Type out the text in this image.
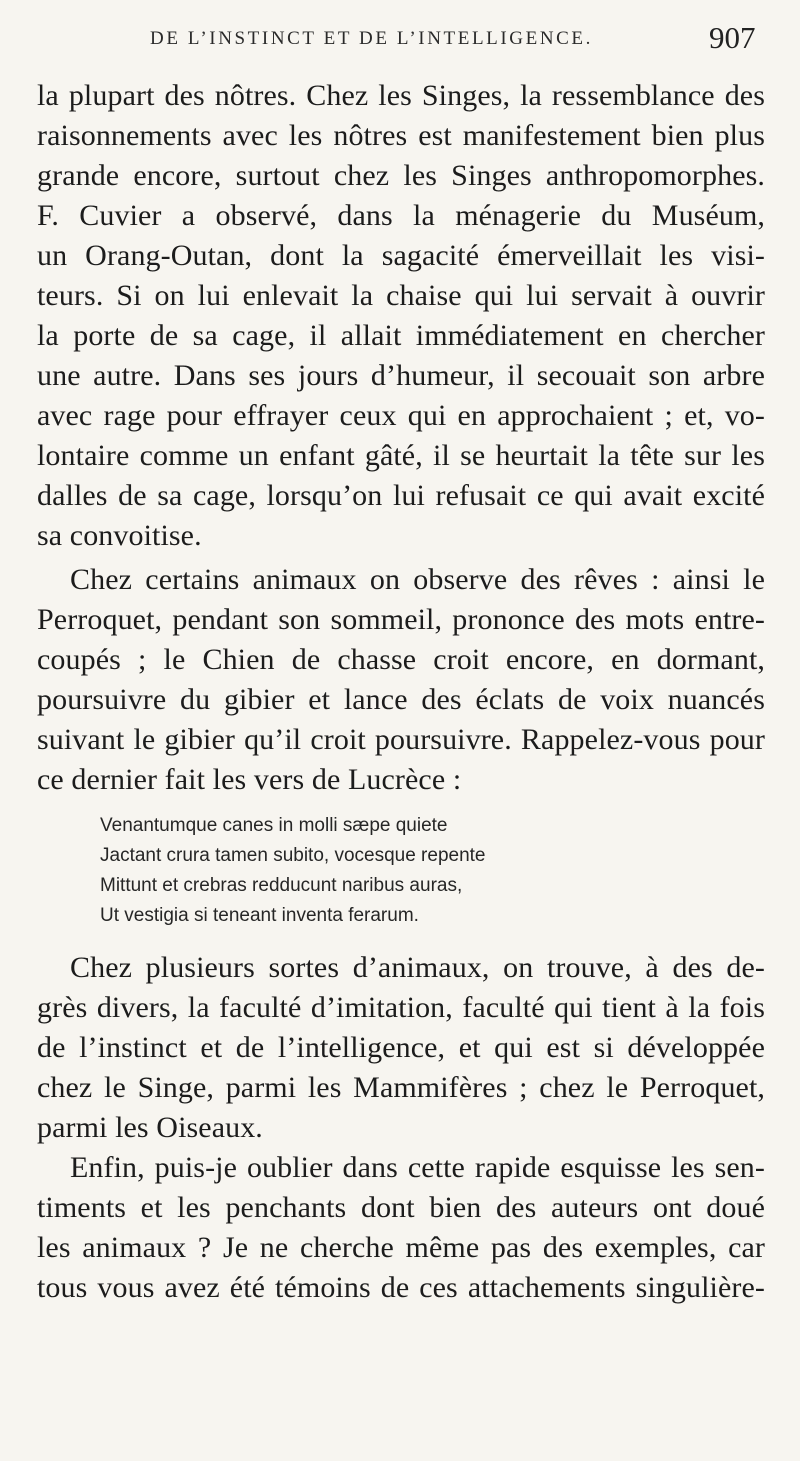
DE L’INSTINCT ET DE L’INTELLIGENCE.	907
la plupart des nôtres. Chez les Singes, la ressemblance des
raisonnements avec les nôtres est manifestement bien plus
grande encore, surtout chez les Singes anthropomorphes.
F. Cuvier a observé, dans la ménagerie du Muséum,
un Orang-Outan, dont la sagacité émerveillait les visi-
teurs. Si on lui enlevait la chaise qui lui servait à ouvrir
la porte de sa cage, il allait immédiatement en chercher
une autre. Dans ses jours d’humeur, il secouait son arbre
avec rage pour effrayer ceux qui en approchaient ; et, vo-
lontaire comme un enfant gâté, il se heurtait la tête sur les
dalles de sa cage, lorsqu’on lui refusait ce qui avait excité
sa convoitise.
Chez certains animaux on observe des rêves : ainsi le
Perroquet, pendant son sommeil, prononce des mots entre-
coupés ; le Chien de chasse croit encore, en dormant,
poursuivre du gibier et lance des éclats de voix nuancés
suivant le gibier qu’il croit poursuivre. Rappelez-vous pour
ce dernier fait les vers de Lucrèce :
Venantumque canes in molli sæpe quiete
Jactant crura tamen subito, vocesque repente
Mittunt et crebras redducunt naribus auras,
Ut vestigia si teneant inventa ferarum.
Chez plusieurs sortes d’animaux, on trouve, à des de-
grès divers, la faculté d’imitation, faculté qui tient à la fois
de l’instinct et de l’intelligence, et qui est si développée
chez le Singe, parmi les Mammifères ; chez le Perroquet,
parmi les Oiseaux.
Enfin, puis-je oublier dans cette rapide esquisse les sen-
timents et les penchants dont bien des auteurs ont doué
les animaux ? Je ne cherche même pas des exemples, car
tous vous avez été témoins de ces attachements singulière-
